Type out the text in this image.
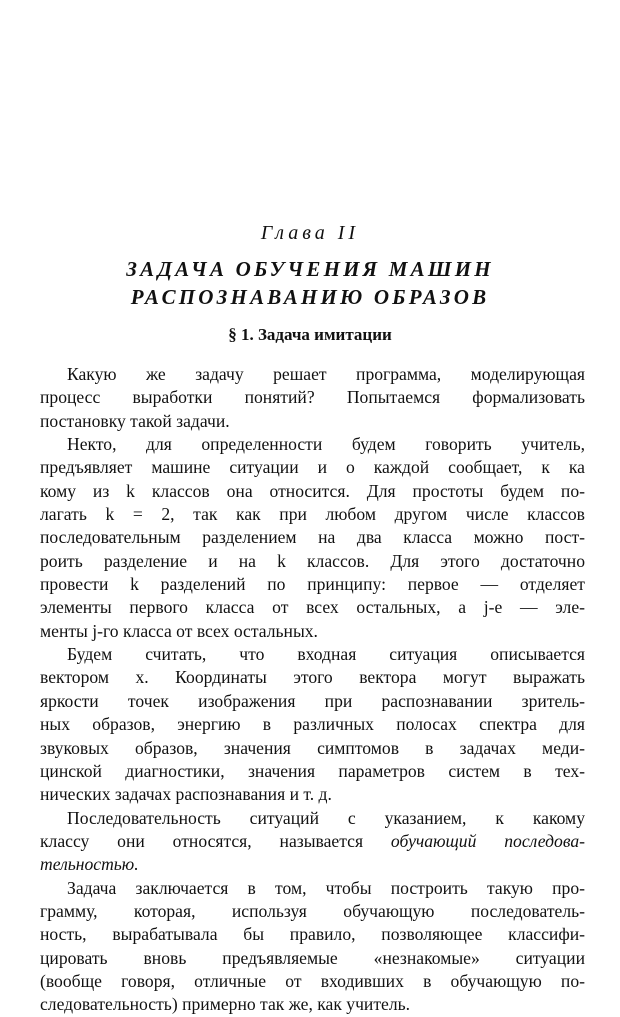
Глава II
ЗАДАЧА ОБУЧЕНИЯ МАШИН
РАСПОЗНАВАНИЮ ОБРАЗОВ
§ 1. Задача имитации
Какую же задачу решает программа, моделирующая
процесс выработки понятий? Попытаемся формализовать
постановку такой задачи.
Некто, для определенности будем говорить учитель,
предъявляет машине ситуации и о каждой сообщает, к ка
кому из k классов она относится. Для простоты будем по-
лагать k = 2, так как при любом другом числе классов
последовательным разделением на два класса можно пост-
роить разделение и на k классов. Для этого достаточно
провести k разделений по принципу: первое — отделяет
элементы первого класса от всех остальных, а j-е — эле-
менты j-го класса от всех остальных.
Будем считать, что входная ситуация описывается
вектором x. Координаты этого вектора могут выражать
яркости точек изображения при распознавании зритель-
ных образов, энергию в различных полосах спектра для
звуковых образов, значения симптомов в задачах меди-
цинской диагностики, значения параметров систем в тех-
нических задачах распознавания и т. д.
Последовательность ситуаций с указанием, к какому
классу они относятся, называется обучающий последова-
тельностью.
Задача заключается в том, чтобы построить такую про-
грамму, которая, используя обучающую последователь-
ность, вырабатывала бы правило, позволяющее классифи-
цировать вновь предъявляемые «незнакомые» ситуации
(вообще говоря, отличные от входивших в обучающую по-
следовательность) примерно так же, как учитель.
